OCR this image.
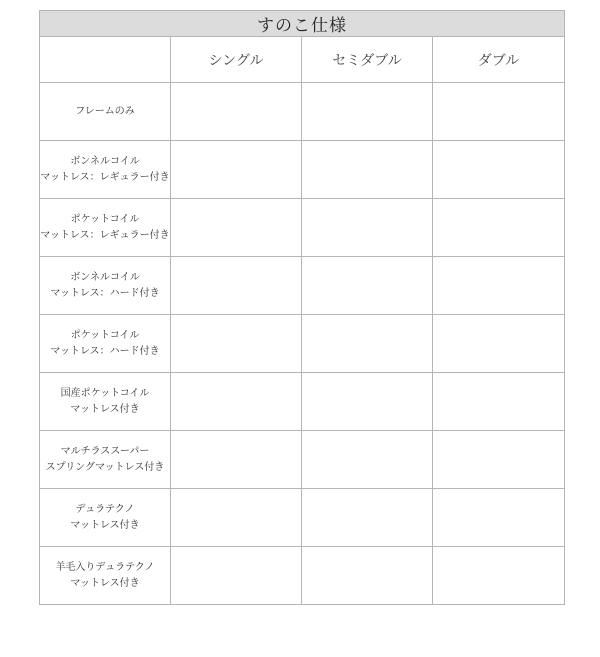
すのこ仕様			
	シングル	セミダブル	ダブル

フレームのみ			

ボンネルコイル
マットレス：レギュラー付き			

ポケットコイル
マットレス：レギュラー付き			

ボンネルコイル
マットレス：ハード付き			

ポケットコイル
マットレス：ハード付き			

国産ポケットコイル
マットレス付き			

マルチラススーパー
スプリングマットレス付き			

デュラテクノ
マットレス付き			

羊毛入りデュラテクノ
マットレス付き			
